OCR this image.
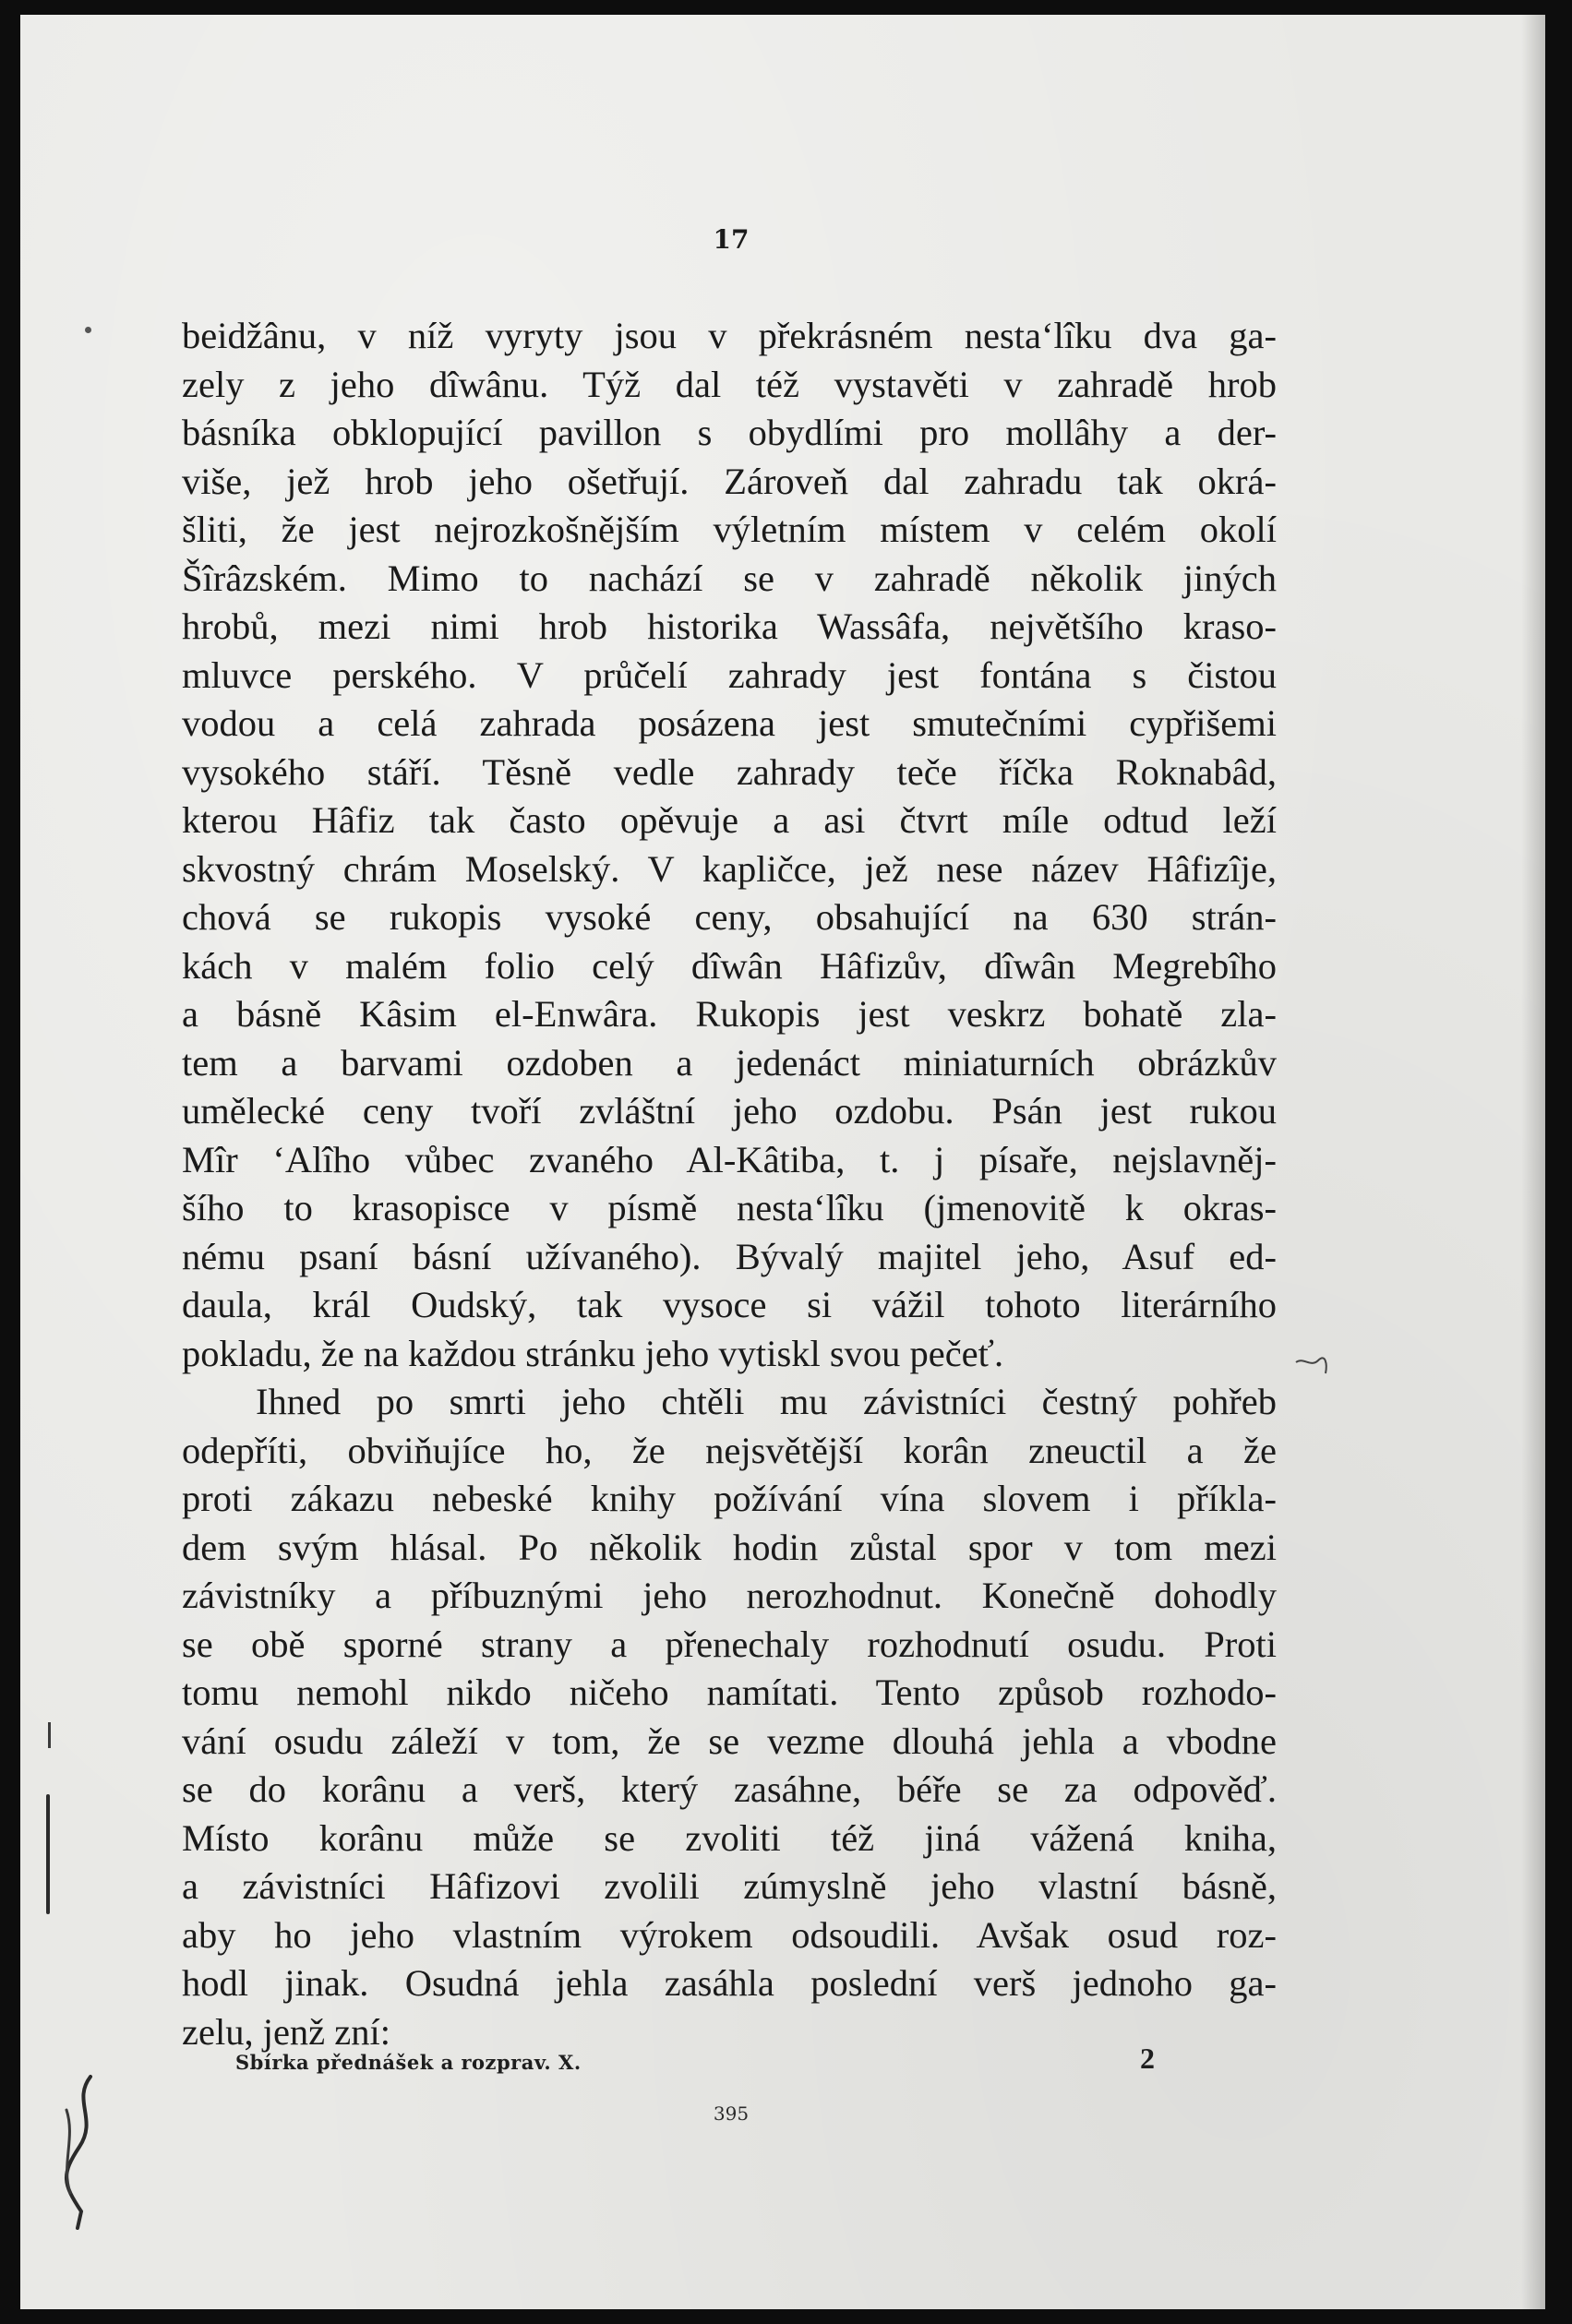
17
beidžânu, v níž vyryty jsou v překrásném nestaʻlîku dva ga-
zely z jeho dîwânu. Týž dal též vystavěti v zahradě hrob
básníka obklopující pavillon s obydlími pro mollâhy a der-
više, jež hrob jeho ošetřují. Zároveň dal zahradu tak okrá-
šliti, že jest nejrozkošnějším výletním místem v celém okolí
Šîrâzském. Mimo to nachází se v zahradě několik jiných
hrobů, mezi nimi hrob historika Wassâfa, největšího kraso-
mluvce perského. V průčelí zahrady jest fontána s čistou
vodou a celá zahrada posázena jest smutečními cypřišemi
vysokého stáří. Těsně vedle zahrady teče říčka Roknabâd,
kterou Hâfiz tak často opěvuje a asi čtvrt míle odtud leží
skvostný chrám Moselský. V kapličce, jež nese název Hâfizîje,
chová se rukopis vysoké ceny, obsahující na 630 strán-
kách v malém folio celý dîwân Hâfizův, dîwân Megrebîho
a básně Kâsim el-Enwâra. Rukopis jest veskrz bohatě zla-
tem a barvami ozdoben a jedenáct miniaturních obrázkův
umělecké ceny tvoří zvláštní jeho ozdobu. Psán jest rukou
Mîr ʻAlîho vůbec zvaného Al-Kâtiba, t. j písaře, nejslavněj-
šího to krasopisce v písmě nestaʻlîku (jmenovitě k okras-
nému psaní básní užívaného). Bývalý majitel jeho, Asuf ed-
daula, král Oudský, tak vysoce si vážil tohoto literárního
pokladu, že na každou stránku jeho vytiskl svou pečeť.
Ihned po smrti jeho chtěli mu závistníci čestný pohřeb
odepříti, obviňujíce ho, že nejsvětější korân zneuctil a že
proti zákazu nebeské knihy požívání vína slovem i příkla-
dem svým hlásal. Po několik hodin zůstal spor v tom mezi
závistníky a příbuznými jeho nerozhodnut. Konečně dohodly
se obě sporné strany a přenechaly rozhodnutí osudu. Proti
tomu nemohl nikdo ničeho namítati. Tento způsob rozhodo-
vání osudu záleží v tom, že se vezme dlouhá jehla a vbodne
se do korânu a verš, který zasáhne, béře se za odpověď.
Místo korânu může se zvoliti též jiná vážená kniha,
a závistníci Hâfizovi zvolili zúmyslně jeho vlastní básně,
aby ho jeho vlastním výrokem odsoudili. Avšak osud roz-
hodl jinak. Osudná jehla zasáhla poslední verš jednoho ga-
zelu, jenž zní:
Sbírka přednášek a rozprav. X.	2
395
